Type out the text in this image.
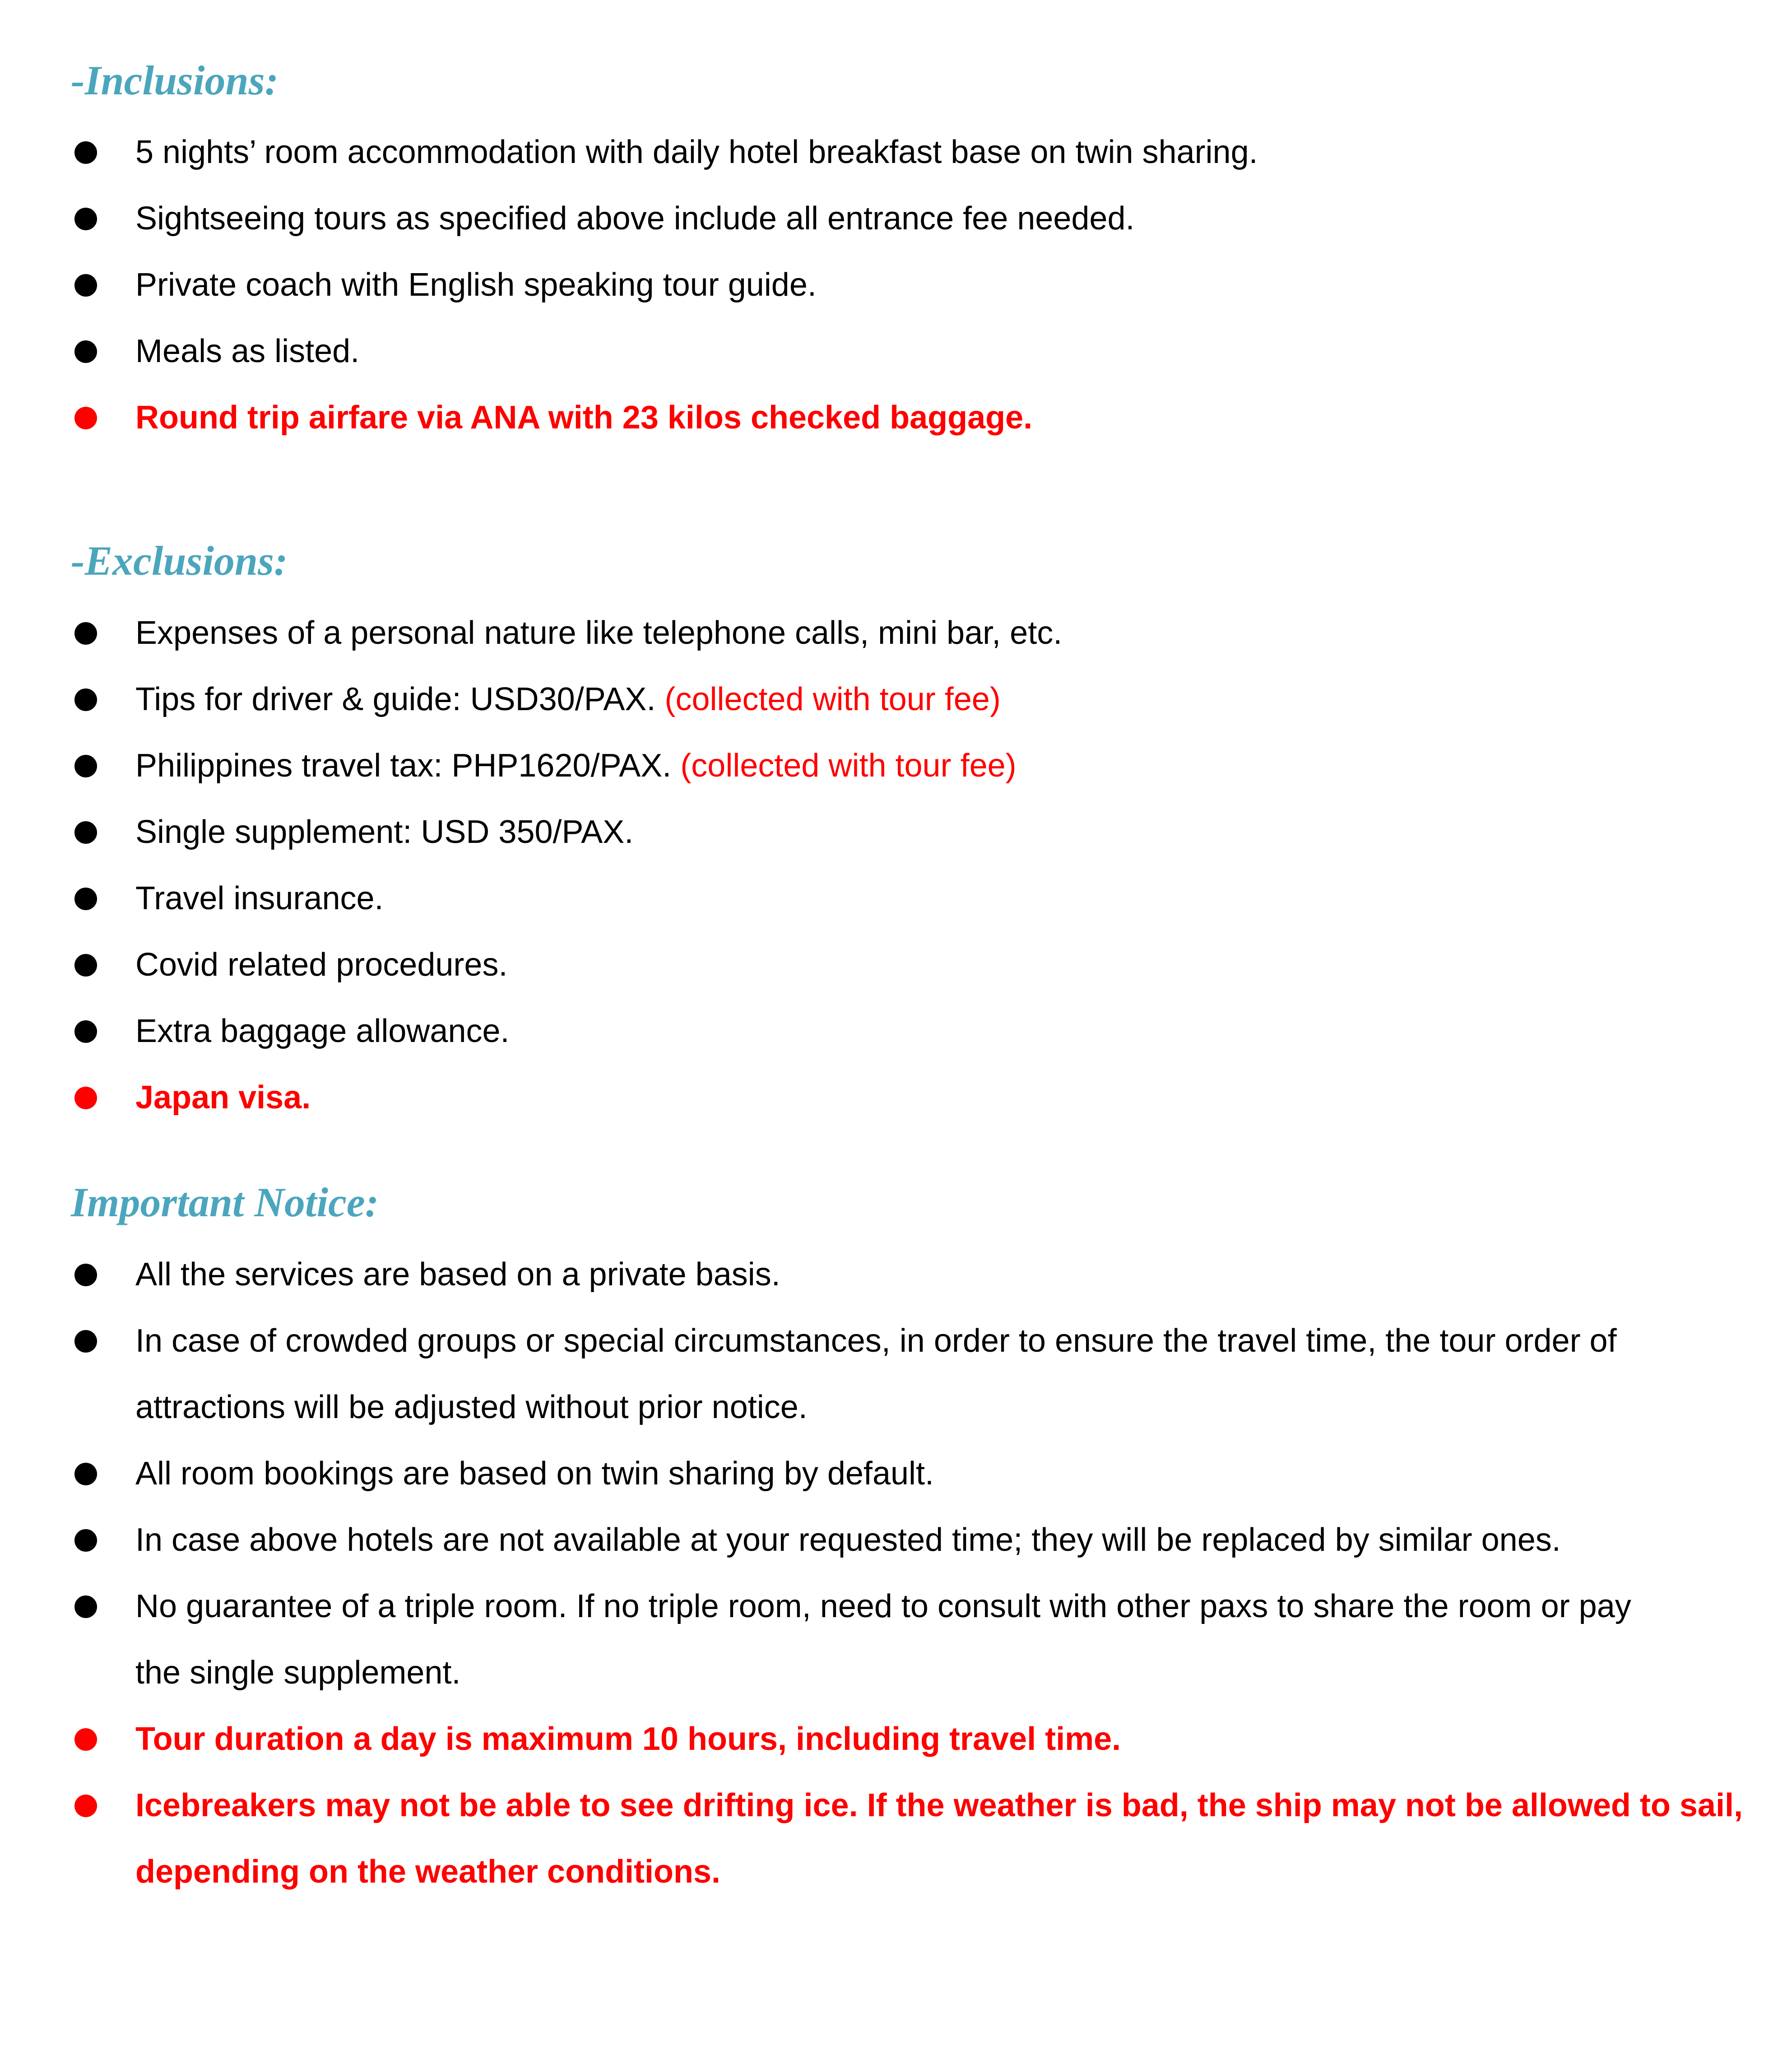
-Inclusions:
5 nights’ room accommodation with daily hotel breakfast base on twin sharing.
Sightseeing tours as specified above include all entrance fee needed.
Private coach with English speaking tour guide.
Meals as listed.
Round trip airfare via ANA with 23 kilos checked baggage.
-Exclusions:
Expenses of a personal nature like telephone calls, mini bar, etc.
Tips for driver & guide: USD30/PAX. (collected with tour fee)
Philippines travel tax: PHP1620/PAX. (collected with tour fee)
Single supplement: USD 350/PAX.
Travel insurance.
Covid related procedures.
Extra baggage allowance.
Japan visa.
Important Notice:
All the services are based on a private basis.
In case of crowded groups or special circumstances, in order to ensure the travel time, the tour order of
attractions will be adjusted without prior notice.
All room bookings are based on twin sharing by default.
In case above hotels are not available at your requested time; they will be replaced by similar ones.
No guarantee of a triple room. If no triple room, need to consult with other paxs to share the room or pay
the single supplement.
Tour duration a day is maximum 10 hours, including travel time.
Icebreakers may not be able to see drifting ice. If the weather is bad, the ship may not be allowed to sail,
depending on the weather conditions.
